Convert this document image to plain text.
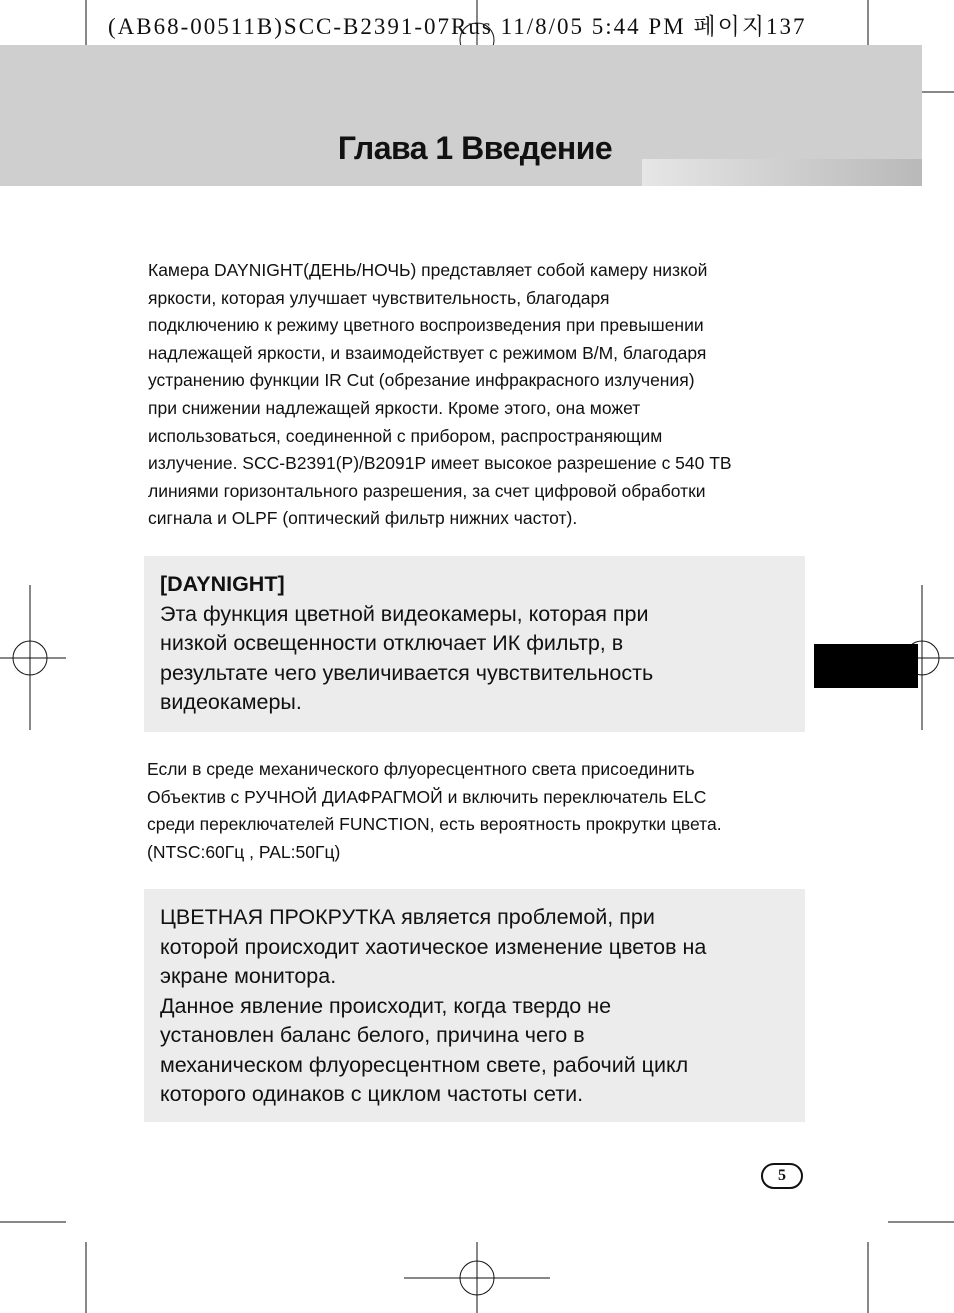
(AB68-00511B)SCC-B2391-07Rus 11/8/05 5:44 PM 페이지137
Глава 1 Введение
Камера DAYNIGHT(ДЕНЬ/НОЧЬ) представляет собой камеру низкой
яркости, которая улучшает чувствительность, благодаря
подключению к режиму цветного воспроизведения при превышении
надлежащей яркости, и взаимодействует с режимом B/M, благодаря
устранению функции IR Cut (обрезание инфракрасного излучения)
при снижении надлежащей яркости. Кроме этого, она может
использоваться, соединенной с прибором, распространяющим
излучение. SCC-B2391(P)/B2091P имеет высокое разрешение с 540 ТВ
линиями горизонтального разрешения, за счет цифровой обработки
сигнала и OLPF (оптический фильтр нижних частот).
[DAYNIGHT]
Эта функция цветной видеокамеры, которая при
низкой освещенности отключает ИК фильтр, в
результате чего увеличивается чувствительность
видеокамеры.
Если в среде механического флуоресцентного света присоединить
Объектив с РУЧНОЙ ДИАФРАГМОЙ и включить переключатель ELC
среди переключателей FUNCTION, есть вероятность прокрутки цвета.
(NTSC:60Гц , PAL:50Гц)
ЦВЕТНАЯ ПРОКРУТКА является проблемой, при
которой происходит хаотическое изменение цветов на
экране монитора.
Данное явление происходит, когда твердо не
установлен баланс белого, причина чего в
механическом флуоресцентном свете, рабочий цикл
которого одинаков с циклом частоты сети.
5
